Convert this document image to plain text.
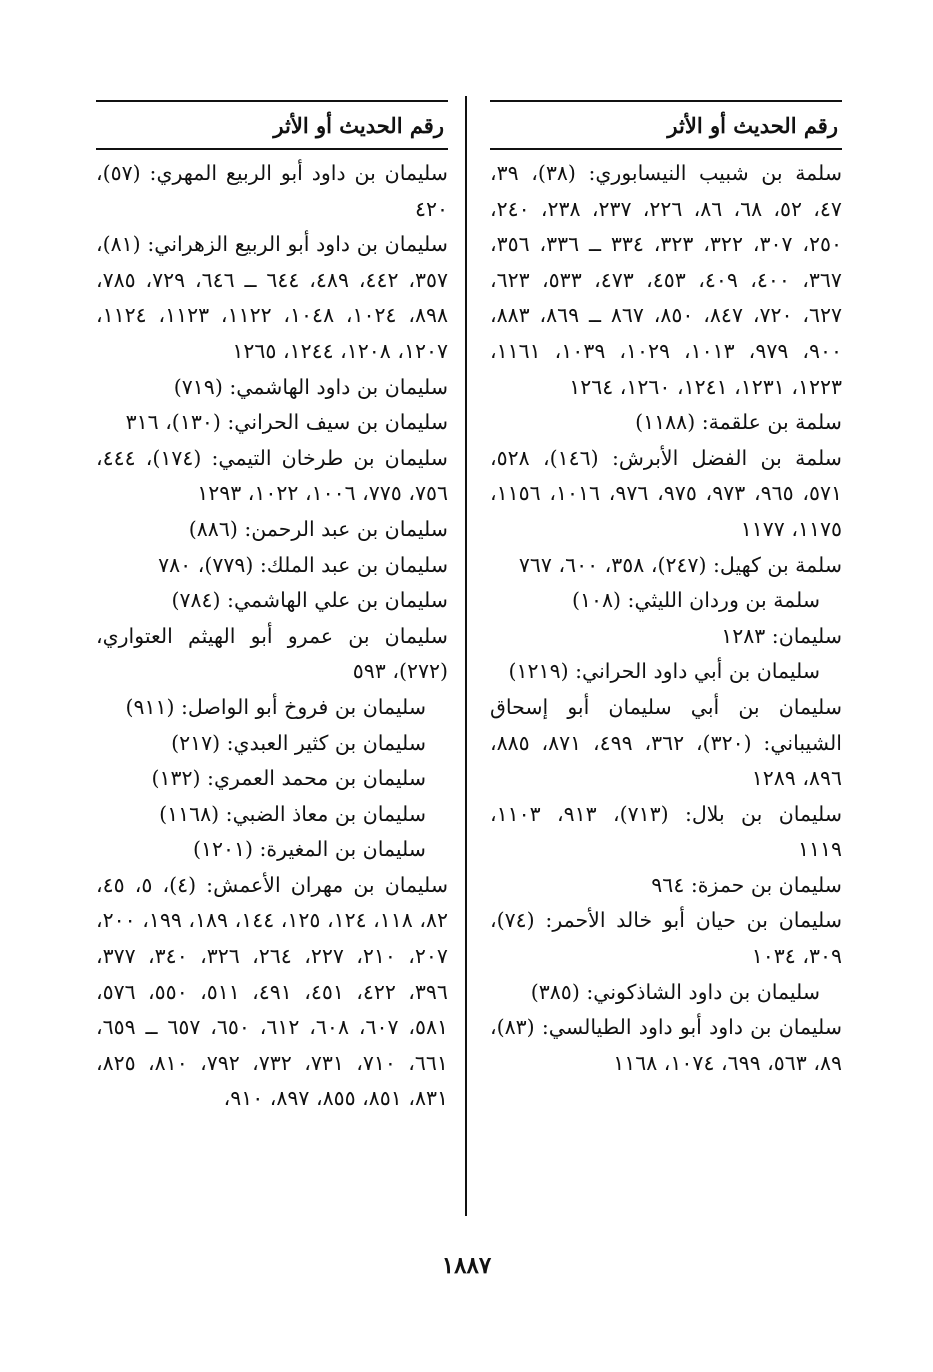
رقم الحديث أو الأثر
سلمة بن شبيب النيسابوري: (٣٨)، ٣٩، ٤٧، ٥٢، ٦٨، ٨٦، ٢٢٦، ٢٣٧، ٢٣٨، ٢٤٠، ٢٥٠، ٣٠٧، ٣٢٢، ٣٢٣، ٣٣٤ ــ ٣٣٦، ٣٥٦، ٣٦٧، ٤٠٠، ٤٠٩، ٤٥٣، ٤٧٣، ٥٣٣، ٦٢٣، ٦٢٧، ٧٢٠، ٨٤٧، ٨٥٠، ٨٦٧ ــ ٨٦٩، ٨٨٣، ٩٠٠، ٩٧٩، ١٠١٣، ١٠٢٩، ١٠٣٩، ١١٦١، ١٢٢٣، ١٢٣١، ١٢٤١، ١٢٦٠، ١٢٦٤
سلمة بن علقمة: (١١٨٨)
سلمة بن الفضل الأبرش: (١٤٦)، ٥٢٨، ٥٧١، ٩٦٥، ٩٧٣، ٩٧٥، ٩٧٦، ١٠١٦، ١١٥٦، ١١٧٥، ١١٧٧
سلمة بن كهيل: (٢٤٧)، ٣٥٨، ٦٠٠، ٧٦٧
سلمة بن وردان الليثي: (١٠٨)
سليمان: ١٢٨٣
سليمان بن أبي داود الحراني: (١٢١٩)
سليمان بن أبي سليمان أبو إسحاق الشيباني: (٣٢٠)، ٣٦٢، ٤٩٩، ٨٧١، ٨٨٥، ٨٩٦، ١٢٨٩
سليمان بن بلال: (٧١٣)، ٩١٣، ١١٠٣، ١١١٩
سليمان بن حمزة: ٩٦٤
سليمان بن حيان أبو خالد الأحمر: (٧٤)، ٣٠٩، ١٠٣٤
سليمان بن داود الشاذكوني: (٣٨٥)
سليمان بن داود أبو داود الطيالسي: (٨٣)، ٨٩، ٥٦٣، ٦٩٩، ١٠٧٤، ١١٦٨
رقم الحديث أو الأثر
سليمان بن داود أبو الربيع المهري: (٥٧)، ٤٢٠
سليمان بن داود أبو الربيع الزهراني: (٨١)، ٣٥٧، ٤٤٢، ٤٨٩، ٦٤٤ ــ ٦٤٦، ٧٢٩، ٧٨٥، ٨٩٨، ١٠٢٤، ١٠٤٨، ١١٢٢، ١١٢٣، ١١٢٤، ١٢٠٧، ١٢٠٨، ١٢٤٤، ١٢٦٥
سليمان بن داود الهاشمي: (٧١٩)
سليمان بن سيف الحراني: (١٣٠)، ٣١٦
سليمان بن طرخان التيمي: (١٧٤)، ٤٤٤، ٧٥٦، ٧٧٥، ١٠٠٦، ١٠٢٢، ١٢٩٣
سليمان بن عبد الرحمن: (٨٨٦)
سليمان بن عبد الملك: (٧٧٩)، ٧٨٠
سليمان بن علي الهاشمي: (٧٨٤)
سليمان بن عمرو أبو الهيثم العتواري، (٢٧٢)، ٥٩٣
سليمان بن فروخ أبو الواصل: (٩١١)
سليمان بن كثير العبدي: (٢١٧)
سليمان بن محمد العمري: (١٣٢)
سليمان بن معاذ الضبي: (١١٦٨)
سليمان بن المغيرة: (١٢٠١)
سليمان بن مهران الأعمش: (٤)، ٥، ٤٥، ٨٢، ١١٨، ١٢٤، ١٢٥، ١٤٤، ١٨٩، ١٩٩، ٢٠٠، ٢٠٧، ٢١٠، ٢٢٧، ٢٦٤، ٣٢٦، ٣٤٠، ٣٧٧، ٣٩٦، ٤٢٢، ٤٥١، ٤٩١، ٥١١، ٥٥٠، ٥٧٦، ٥٨١، ٦٠٧، ٦٠٨، ٦١٢، ٦٥٠، ٦٥٧ ــ ٦٥٩، ٦٦١، ٧١٠، ٧٣١، ٧٣٢، ٧٩٢، ٨١٠، ٨٢٥، ٨٣١، ٨٥١، ٨٥٥، ٨٩٧، ٩١٠،
١٨٨٧
